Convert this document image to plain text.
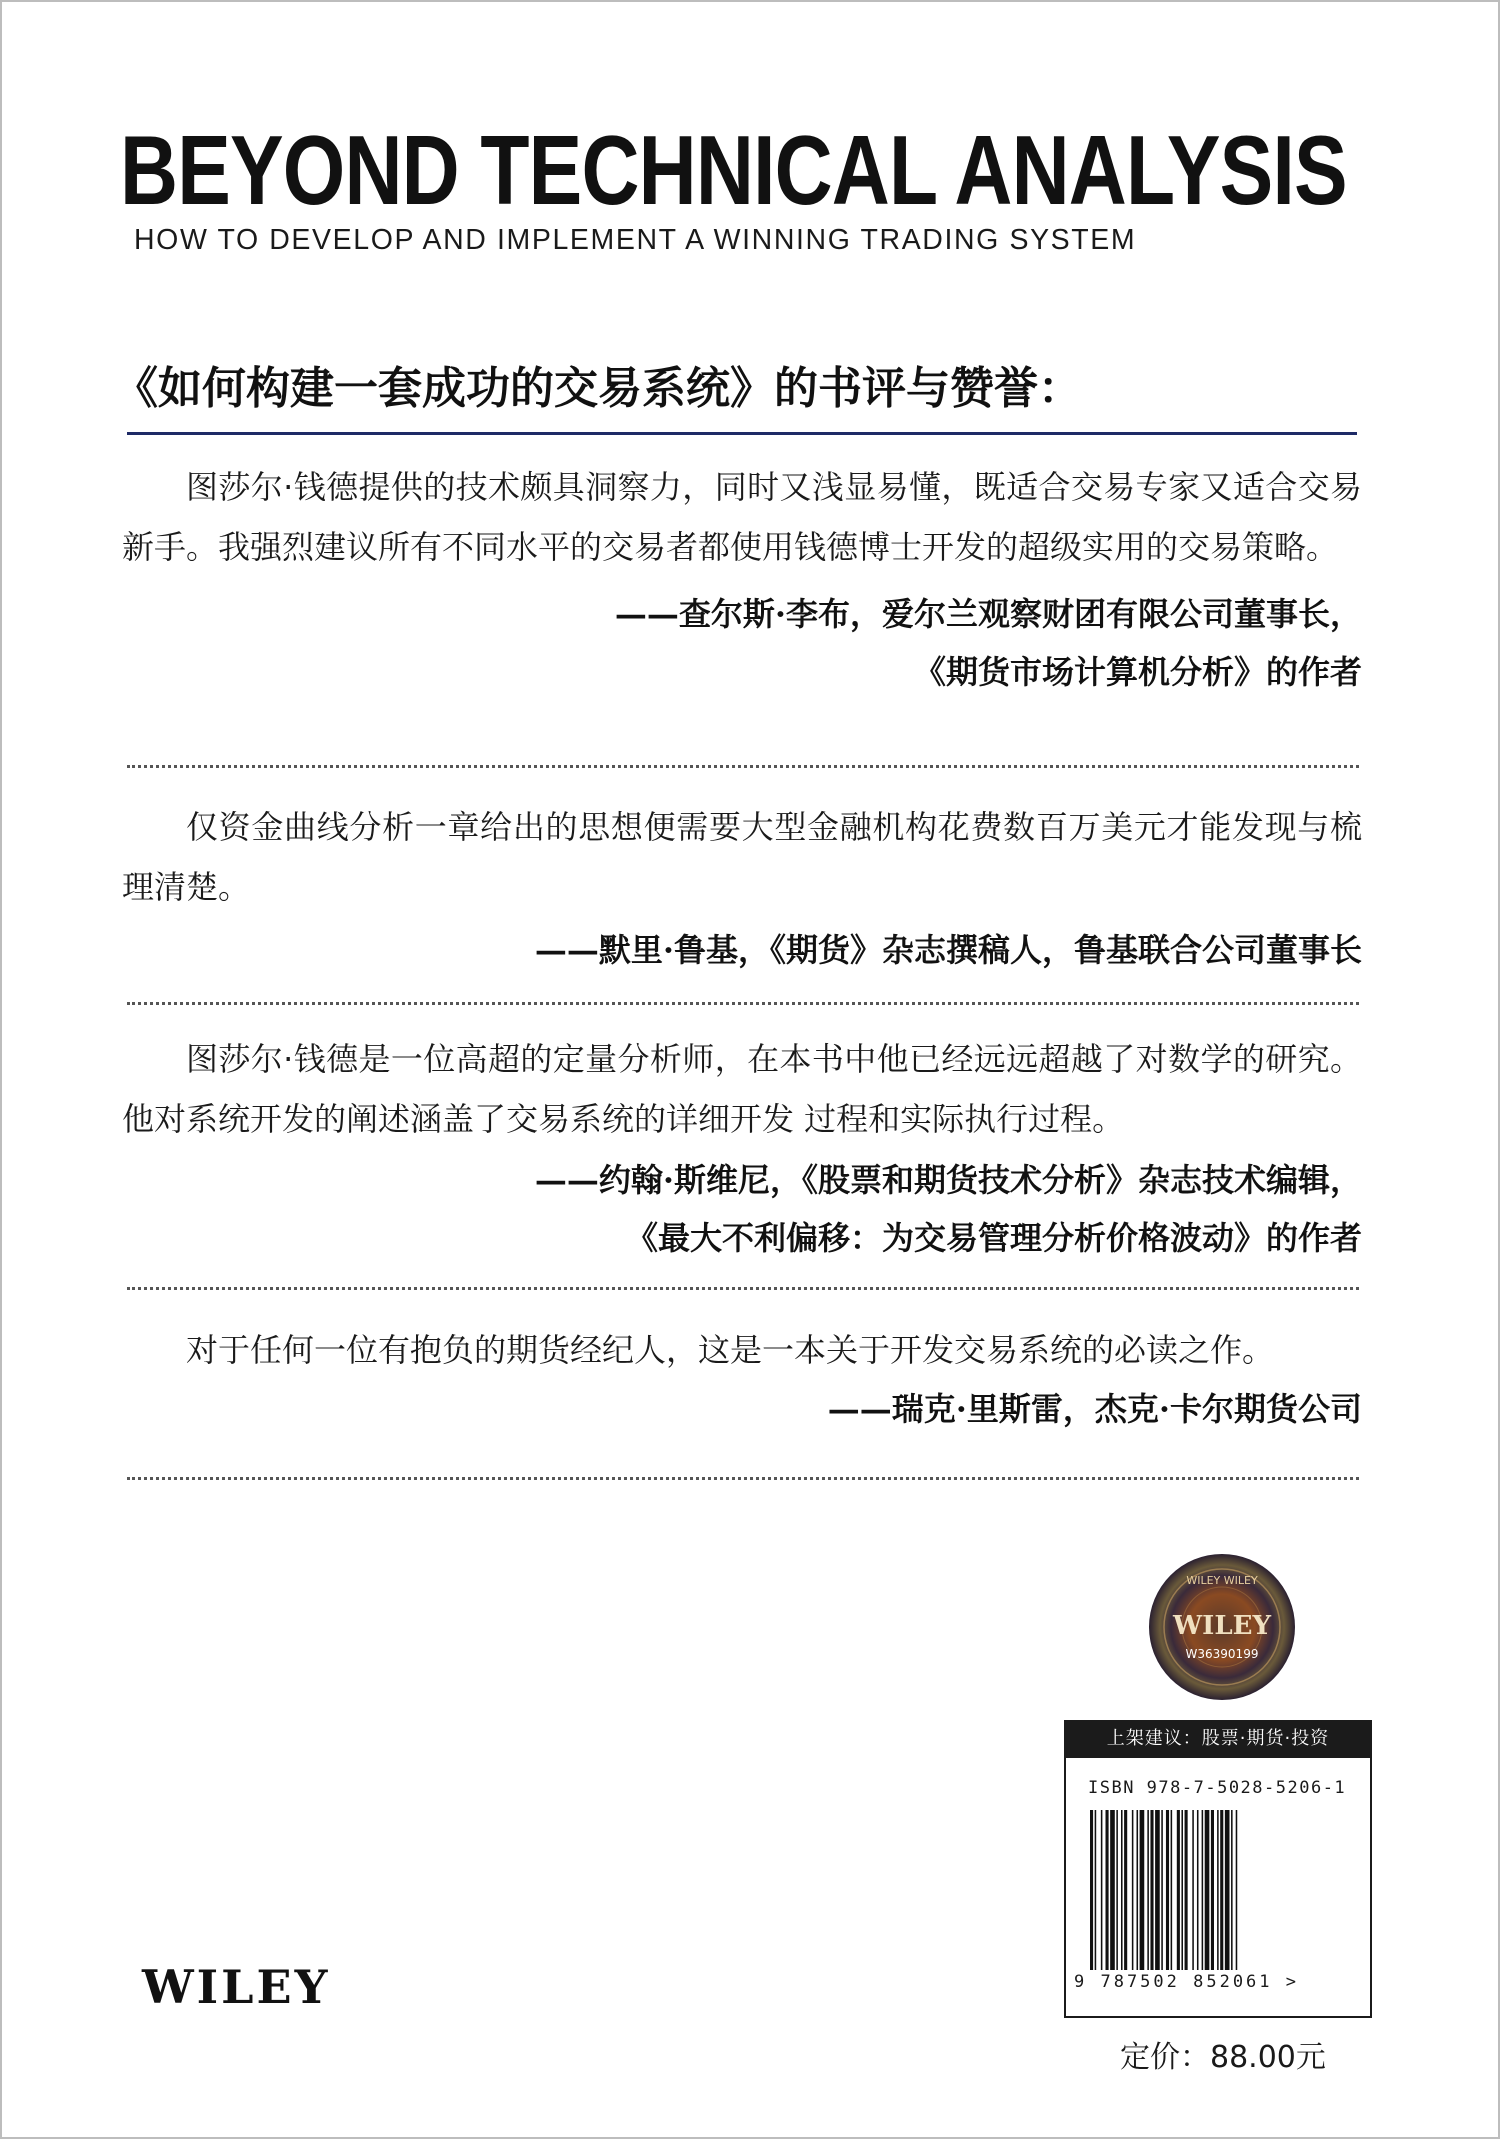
BEYOND TECHNICAL ANALYSIS
HOW TO DEVELOP AND IMPLEMENT A WINNING TRADING SYSTEM
《如何构建一套成功的交易系统》的书评与赞誉：

图莎尔·钱德提供的技术颇具洞察力，同时又浅显易懂，既适合交易专家又适合交易新手。我强烈建议所有不同水平的交易者都使用钱德博士开发的超级实用的交易策略。

——查尔斯·李布，爱尔兰观察财团有限公司董事长，

《期货市场计算机分析》的作者

仅资金曲线分析一章给出的思想便需要大型金融机构花费数百万美元才能发现与梳理清楚。

——默里·鲁基，《期货》杂志撰稿人，鲁基联合公司董事长

图莎尔·钱德是一位高超的定量分析师，在本书中他已经远远超越了对数学的研究。他对系统开发的阐述涵盖了交易系统的详细开发 过程和实际执行过程。

——约翰·斯维尼，《股票和期货技术分析》杂志技术编辑，

《最大不利偏移：为交易管理分析价格波动》的作者

对于任何一位有抱负的期货经纪人，这是一本关于开发交易系统的必读之作。

——瑞克·里斯雷，杰克·卡尔期货公司

WILEY WILEY
WILEY
W36390199
上架建议：股票·期货·投资
ISBN 978-7-5028-5206-1
9 787502 852061 >
定价：88.00元
WILEY
